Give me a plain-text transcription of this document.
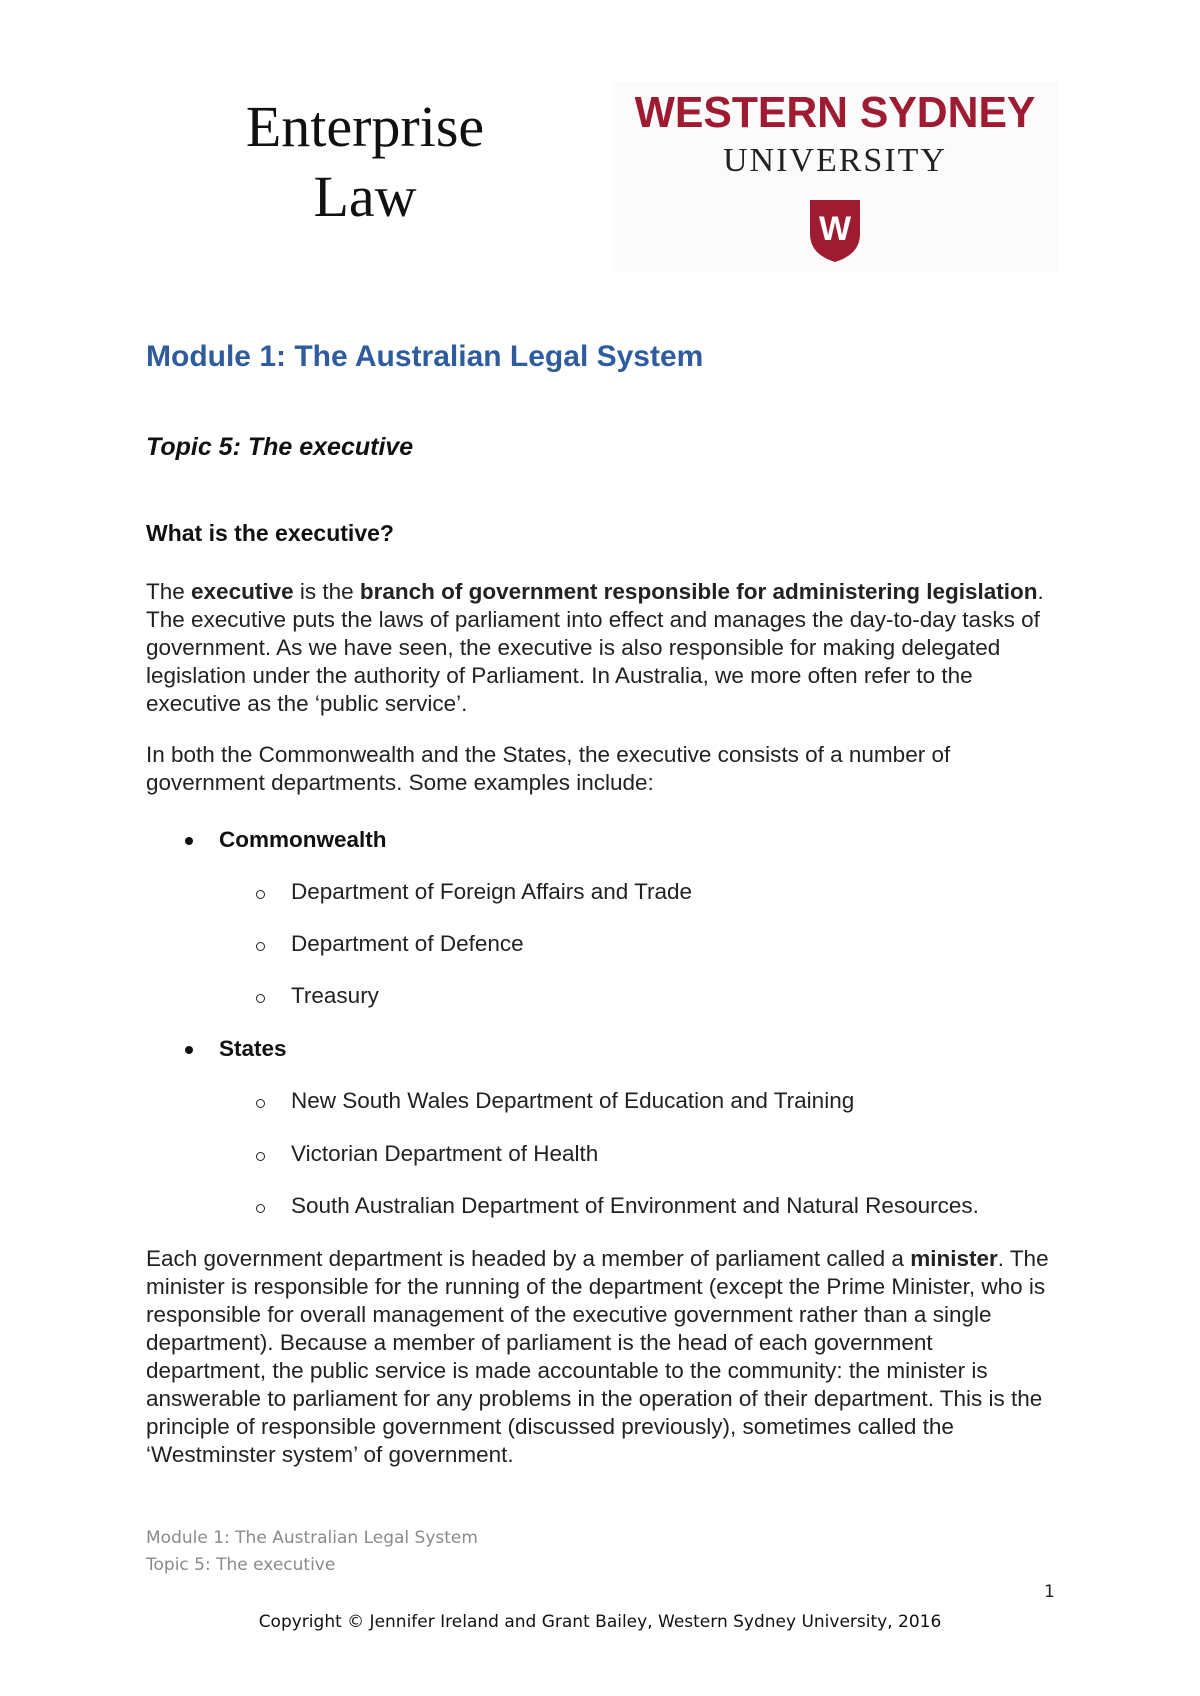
Enterprise
Law
WESTERN SYDNEY
UNIVERSITY
W
Module 1: The Australian Legal System
Topic 5: The executive
What is the executive?

The executive is the branch of government responsible for administering legislation. The executive puts the laws of parliament into effect and manages the day-to-day tasks of government. As we have seen, the executive is also responsible for making delegated legislation under the authority of Parliament. In Australia, we more often refer to the executive as the ‘public service’.

In both the Commonwealth and the States, the executive consists of a number of government departments. Some examples include:

Commonwealth
Department of Foreign Affairs and Trade
Department of Defence
Treasury
States
New South Wales Department of Education and Training
Victorian Department of Health
South Australian Department of Environment and Natural Resources.

Each government department is headed by a member of parliament called a minister. The minister is responsible for the running of the department (except the Prime Minister, who is responsible for overall management of the executive government rather than a single department). Because a member of parliament is the head of each government department, the public service is made accountable to the community: the minister is answerable to parliament for any problems in the operation of their department. This is the principle of responsible government (discussed previously), sometimes called the ‘Westminster system’ of government.

Module 1: The Australian Legal System
Topic 5: The executive
1
Copyright © Jennifer Ireland and Grant Bailey, Western Sydney University, 2016
